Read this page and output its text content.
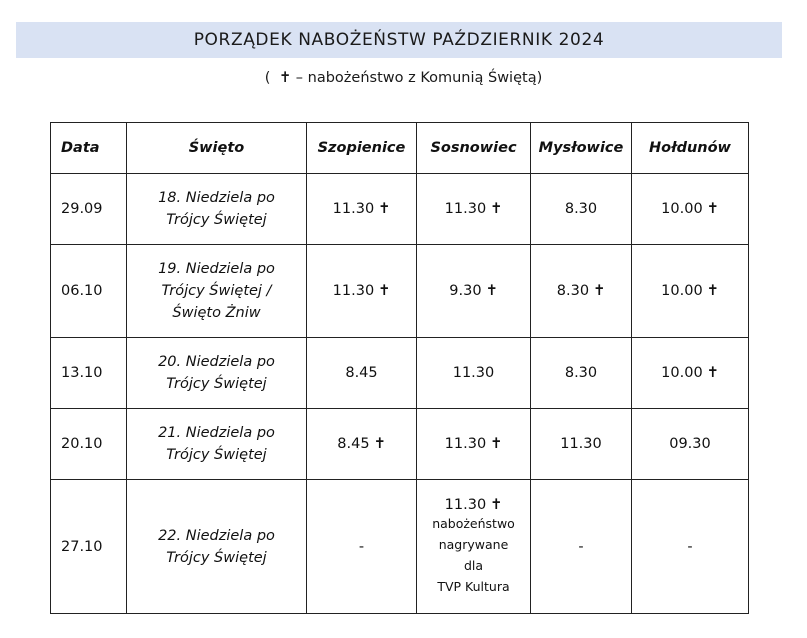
PORZĄDEK NABOŻEŃSTW PAŹDZIERNIK 2024
( ✝ – nabożeństwo z Komunią Świętą)
Data	Święto	Szopienice	Sosnowiec	Mysłowice	Hołdunów
29.09	18. Niedziela po
Trójcy Świętej	11.30 ✝	11.30 ✝	8.30	10.00 ✝
06.10	19. Niedziela po
Trójcy Świętej /
Święto Żniw	11.30 ✝	9.30 ✝	8.30 ✝	10.00 ✝
13.10	20. Niedziela po
Trójcy Świętej	8.45	11.30	8.30	10.00 ✝
20.10	21. Niedziela po
Trójcy Świętej	8.45 ✝	11.30 ✝	11.30	09.30
27.10	22. Niedziela po
Trójcy Świętej	-	11.30 ✝
nabożeństwo
nagrywane
dla
TVP Kultura	-	-
